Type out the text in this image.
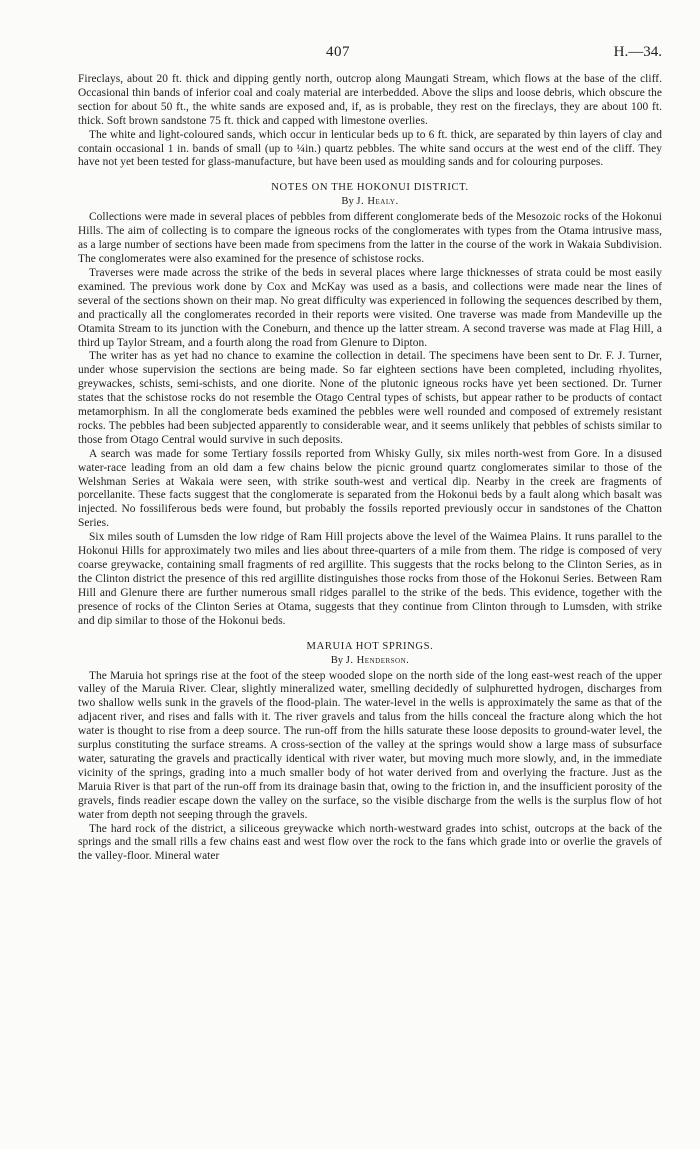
407	H.—34.

Fireclays, about 20 ft. thick and dipping gently north, outcrop along Maungati Stream, which flows at the base of the cliff. Occasional thin bands of inferior coal and coaly material are interbedded. Above the slips and loose debris, which obscure the section for about 50 ft., the white sands are exposed and, if, as is probable, they rest on the fireclays, they are about 100 ft. thick. Soft brown sandstone 75 ft. thick and capped with limestone overlies.

The white and light-coloured sands, which occur in lenticular beds up to 6 ft. thick, are separated by thin layers of clay and contain occasional 1 in. bands of small (up to ¼in.) quartz pebbles. The white sand occurs at the west end of the cliff. They have not yet been tested for glass-manufacture, but have been used as moulding sands and for colouring purposes.

NOTES ON THE HOKONUI DISTRICT.
By J. Healy.

Collections were made in several places of pebbles from different conglomerate beds of the Mesozoic rocks of the Hokonui Hills. The aim of collecting is to compare the igneous rocks of the conglomerates with types from the Otama intrusive mass, as a large number of sections have been made from specimens from the latter in the course of the work in Wakaia Subdivision. The conglomerates were also examined for the presence of schistose rocks.

Traverses were made across the strike of the beds in several places where large thicknesses of strata could be most easily examined. The previous work done by Cox and McKay was used as a basis, and collections were made near the lines of several of the sections shown on their map. No great difficulty was experienced in following the sequences described by them, and practically all the conglomerates recorded in their reports were visited. One traverse was made from Mandeville up the Otamita Stream to its junction with the Coneburn, and thence up the latter stream. A second traverse was made at Flag Hill, a third up Taylor Stream, and a fourth along the road from Glenure to Dipton.

The writer has as yet had no chance to examine the collection in detail. The specimens have been sent to Dr. F. J. Turner, under whose supervision the sections are being made. So far eighteen sections have been completed, including rhyolites, greywackes, schists, semi-schists, and one diorite. None of the plutonic igneous rocks have yet been sectioned. Dr. Turner states that the schistose rocks do not resemble the Otago Central types of schists, but appear rather to be products of contact metamorphism. In all the conglomerate beds examined the pebbles were well rounded and composed of extremely resistant rocks. The pebbles had been subjected apparently to considerable wear, and it seems unlikely that pebbles of schists similar to those from Otago Central would survive in such deposits.

A search was made for some Tertiary fossils reported from Whisky Gully, six miles north-west from Gore. In a disused water-race leading from an old dam a few chains below the picnic ground quartz conglomerates similar to those of the Welshman Series at Wakaia were seen, with strike south-west and vertical dip. Nearby in the creek are fragments of porcellanite. These facts suggest that the conglomerate is separated from the Hokonui beds by a fault along which basalt was injected. No fossiliferous beds were found, but probably the fossils reported previously occur in sandstones of the Chatton Series.

Six miles south of Lumsden the low ridge of Ram Hill projects above the level of the Waimea Plains. It runs parallel to the Hokonui Hills for approximately two miles and lies about three-quarters of a mile from them. The ridge is composed of very coarse greywacke, containing small fragments of red argillite. This suggests that the rocks belong to the Clinton Series, as in the Clinton district the presence of this red argillite distinguishes those rocks from those of the Hokonui Series. Between Ram Hill and Glenure there are further numerous small ridges parallel to the strike of the beds. This evidence, together with the presence of rocks of the Clinton Series at Otama, suggests that they continue from Clinton through to Lumsden, with strike and dip similar to those of the Hokonui beds.

MARUIA HOT SPRINGS.
By J. Henderson.

The Maruia hot springs rise at the foot of the steep wooded slope on the north side of the long east-west reach of the upper valley of the Maruia River. Clear, slightly mineralized water, smelling decidedly of sulphuretted hydrogen, discharges from two shallow wells sunk in the gravels of the flood-plain. The water-level in the wells is approximately the same as that of the adjacent river, and rises and falls with it. The river gravels and talus from the hills conceal the fracture along which the hot water is thought to rise from a deep source. The run-off from the hills saturate these loose deposits to ground-water level, the surplus constituting the surface streams. A cross-section of the valley at the springs would show a large mass of subsurface water, saturating the gravels and practically identical with river water, but moving much more slowly, and, in the immediate vicinity of the springs, grading into a much smaller body of hot water derived from and overlying the fracture. Just as the Maruia River is that part of the run-off from its drainage basin that, owing to the friction in, and the insufficient porosity of the gravels, finds readier escape down the valley on the surface, so the visible discharge from the wells is the surplus flow of hot water from depth not seeping through the gravels.

The hard rock of the district, a siliceous greywacke which north-westward grades into schist, outcrops at the back of the springs and the small rills a few chains east and west flow over the rock to the fans which grade into or overlie the gravels of the valley-floor. Mineral water
